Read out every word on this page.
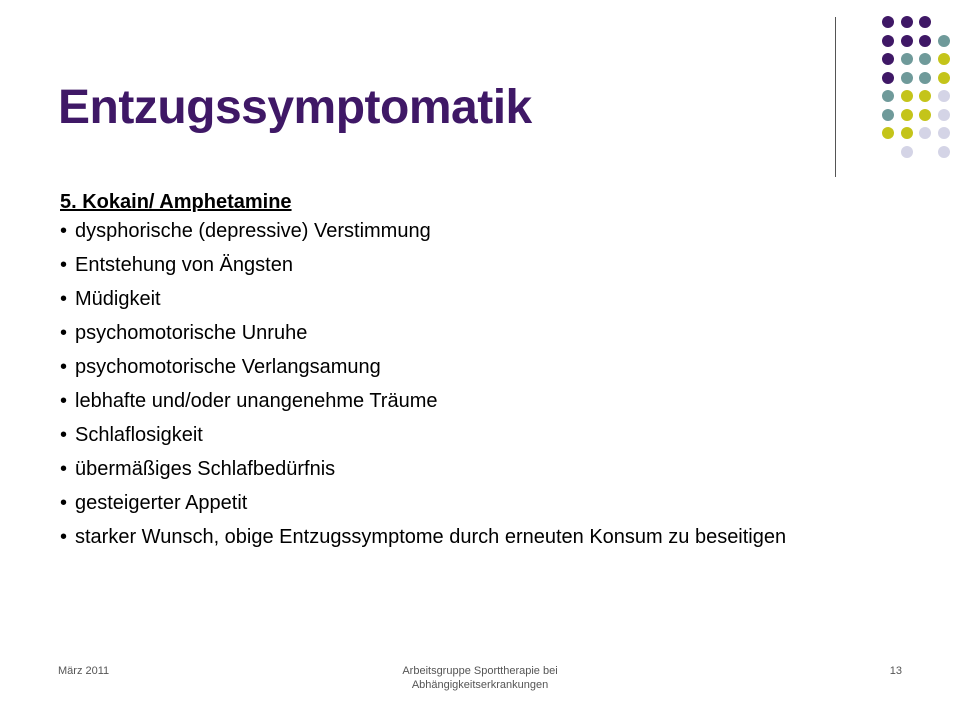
Entzugssymptomatik
5. Kokain/ Amphetamine
• dysphorische (depressive) Verstimmung
• Entstehung von Ängsten
• Müdigkeit
• psychomotorische Unruhe
• psychomotorische Verlangsamung
• lebhafte und/oder unangenehme Träume
• Schlaflosigkeit
• übermäßiges Schlafbedürfnis
• gesteigerter Appetit
• starker Wunsch, obige Entzugssymptome durch erneuten Konsum zu beseitigen
März 2011	Arbeitsgruppe Sporttherapie bei
Abhängigkeitserkrankungen
13
